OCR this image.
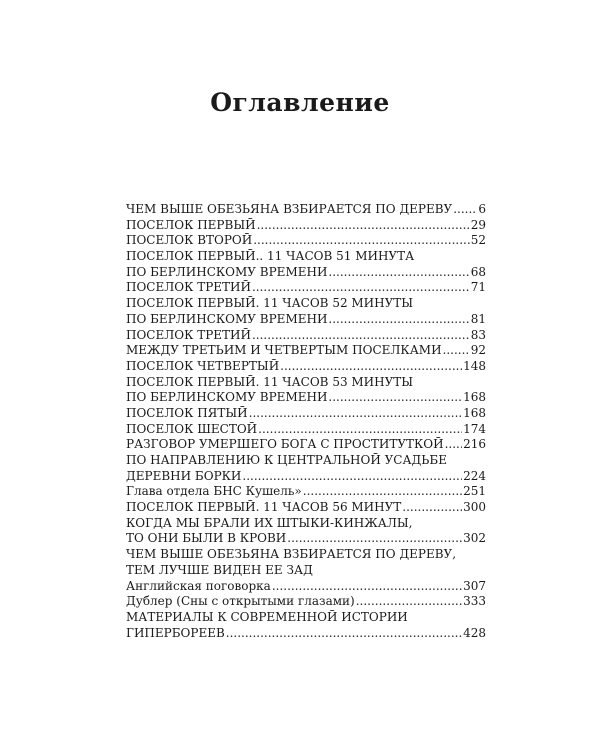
Оглавление
ЧЕМ ВЫШЕ ОБЕЗЬЯНА ВЗБИРАЕТСЯ ПО ДЕРЕВУ ..... 6
ПОСЕЛОК ПЕРВЫЙ .....	29
ПОСЕЛОК ВТОРОЙ .....	52
ПОСЕЛОК ПЕРВЫЙ.. 11 ЧАСОВ 51 МИНУТА
ПО БЕРЛИНСКОМУ ВРЕМЕНИ .....	68
ПОСЕЛОК ТРЕТИЙ .....	71
ПОСЕЛОК ПЕРВЫЙ. 11 ЧАСОВ 52 МИНУТЫ
ПО БЕРЛИНСКОМУ ВРЕМЕНИ .....	81
ПОСЕЛОК ТРЕТИЙ .....	83
МЕЖДУ ТРЕТЬИМ И ЧЕТВЕРТЫМ ПОСЕЛКАМИ ..... 92
ПОСЕЛОК ЧЕТВЕРТЫЙ .....	148
ПОСЕЛОК ПЕРВЫЙ. 11 ЧАСОВ 53 МИНУТЫ
ПО БЕРЛИНСКОМУ ВРЕМЕНИ .....	168
ПОСЕЛОК ПЯТЫЙ .....	168
ПОСЕЛОК ШЕСТОЙ .....	174
РАЗГОВОР УМЕРШЕГО БОГА С ПРОСТИТУТКОЙ ..... 216
ПО НАПРАВЛЕНИЮ К ЦЕНТРАЛЬНОЙ УСАДЬБЕ
ДЕРЕВНИ БОРКИ .....	224
Глава отдела БНС Кушель» .....	251
ПОСЕЛОК ПЕРВЫЙ. 11 ЧАСОВ 56 МИНУТ .....	300
КОГДА МЫ БРАЛИ ИХ ШТЫКИ-КИНЖАЛЫ,
ТО ОНИ БЫЛИ В КРОВИ .....	302
ЧЕМ ВЫШЕ ОБЕЗЬЯНА ВЗБИРАЕТСЯ ПО ДЕРЕВУ,
ТЕМ ЛУЧШЕ ВИДЕН ЕЕ ЗАД
Английская поговорка .....	307
Дублер (Сны с открытыми глазами) .....	333
МАТЕРИАЛЫ К СОВРЕМЕННОЙ ИСТОРИИ
ГИПЕРБОРЕЕВ .....	428
